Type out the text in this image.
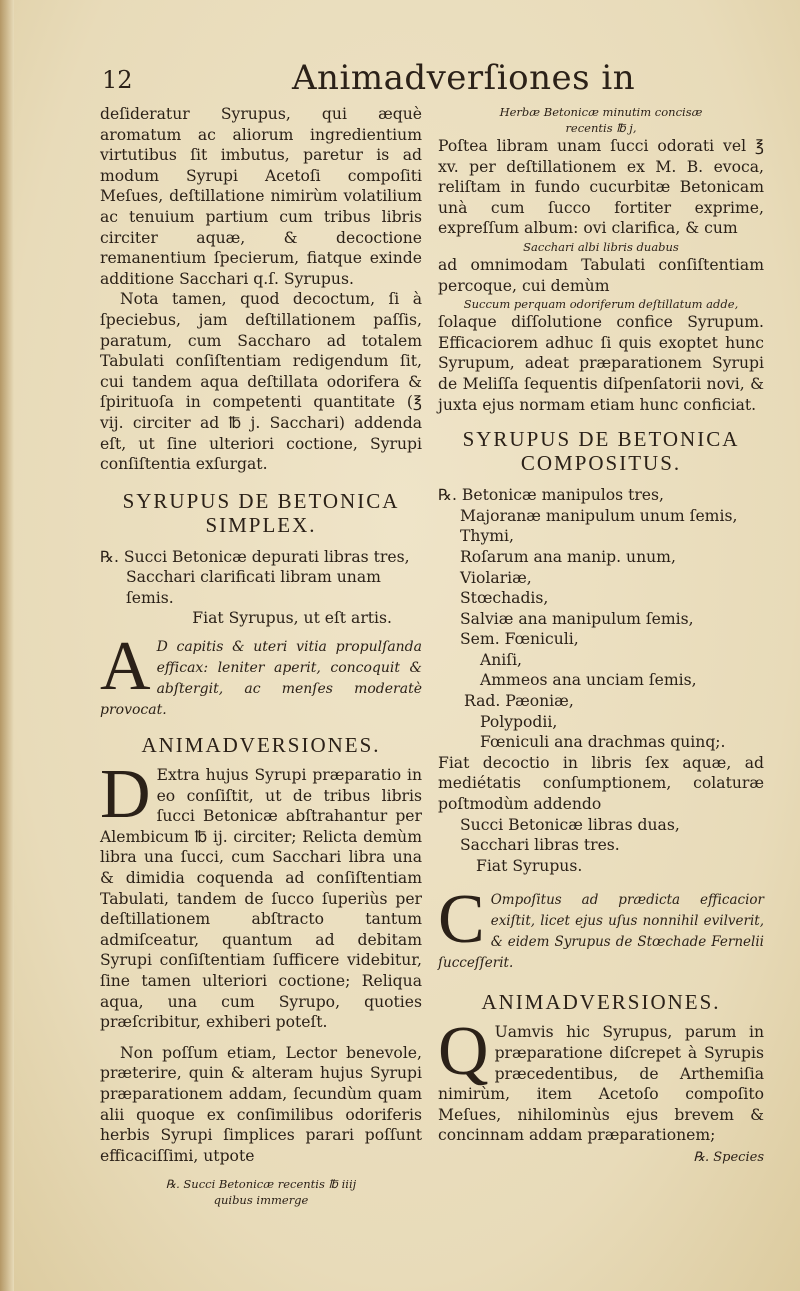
12	Animadverſiones in

deſideratur Syrupus, qui æquè aromatum ac aliorum ingredientium virtutibus ſit imbutus, paretur is ad modum Syrupi Acetoſi compoſiti Meſues, deſtillatione nimirùm volatilium ac tenuium partium cum tribus libris circiter aquæ, & decoctione remanentium ſpecierum, fiatque exinde additione Sacchari q.ſ. Syrupus.

Nota tamen, quod decoctum, ſi à ſpeciebus, jam deſtillationem paſſis, paratum, cum Saccharo ad totalem Tabulati conſiſtentiam redigendum ſit, cui tandem aqua deſtillata odorifera & ſpirituoſa in competenti quantitate (℥ vij. circiter ad ℔ j. Sacchari) addenda eſt, ut ſine ulteriori coctione, Syrupi conſiſtentia exſurgat.

SYRUPUS DE BETONICA
SIMPLEX.

℞. Succi Betonicæ depurati libras tres,

Sacchari clarificati libram unam ſemis.

Fiat Syrupus, ut eſt artis.

A D capitis & uteri vitia propulſanda efficax: leniter aperit, concoquit & abſtergit, ac menſes moderatè provocat.

ANIMADVERSIONES.

D Extra hujus Syrupi præparatio in eo conſiſtit, ut de tribus libris ſucci Betonicæ abſtrahantur per Alembicum ℔ ij. circiter; Relicta demùm libra una ſucci, cum Sacchari libra una & dimidia coquenda ad conſiſtentiam Tabulati, tandem de ſucco ſuperiùs per deſtillationem abſtracto tantum admiſceatur, quantum ad debitam Syrupi conſiſtentiam ſufficere videbitur, ſine tamen ulteriori coctione; Reliqua aqua, una cum Syrupo, quoties præſcribitur, exhiberi poteſt.

Non poſſum etiam, Lector benevole, præterire, quin & alteram hujus Syrupi præparationem addam, ſecundùm quam alii quoque ex conſimilibus odoriferis herbis Syrupi ſimplices parari poſſunt efficaciſſimi, utpote

℞. Succi Betonicæ recentis ℔ iiij

quibus immerge

Herbæ Betonicæ minutim concisæ

recentis ℔ j,

Poſtea libram unam ſucci odorati vel ℥ xv. per deſtillationem ex M. B. evoca, reliſtam in fundo cucurbitæ Betonicam unà cum ſucco fortiter exprime, expreſſum album: ovi clarifica, & cum

Sacchari albi libris duabus

ad omnimodam Tabulati conſiſtentiam percoque, cui demùm

Succum perquam odoriferum deſtillatum adde,

ſolaque diſſolutione conficе Syrupum. Efficaciorem adhuc ſi quis exoptet hunc Syrupum, adeat præparationem Syrupi de Meliſſa ſequentis diſpenſatorii novi, & juxta ejus normam etiam hunc conficiat.

SYRUPUS DE BETONICA
COMPOSITUS.

℞. Betonicæ manipulos tres,

Majoranæ manipulum unum ſemis,

Thymi,

Roſarum ana manip. unum,

Violariæ,

Stœchadis,

Salviæ ana manipulum ſemis,

Sem. Fœniculi,

Aniſi,

Ammeos ana unciam ſemis,

Rad. Pæoniæ,

Polypodii,

Fœniculi ana drachmas quinq;.

Fiat decoctio in libris ſex aquæ, ad mediétatis conſumptionem, colaturæ poſtmodùm addendo

Succi Betonicæ libras duas,

Sacchari libras tres.

Fiat Syrupus.

C Ompoſitus ad prædicta efficacior exiſtit, licet ejus uſus nonnihil evilverit, & eidem Syrupus de Stœchade Fernelii ſucceſſerit.

ANIMADVERSIONES.

Q Uamvis hic Syrupus, parum in præparatione diſcrepet à Syrupis præcedentibus, de Arthemiſia nimirùm, item Acetoſo compoſito Meſues, nihilominùs ejus brevem & concinnam addam præparationem;

℞. Species
